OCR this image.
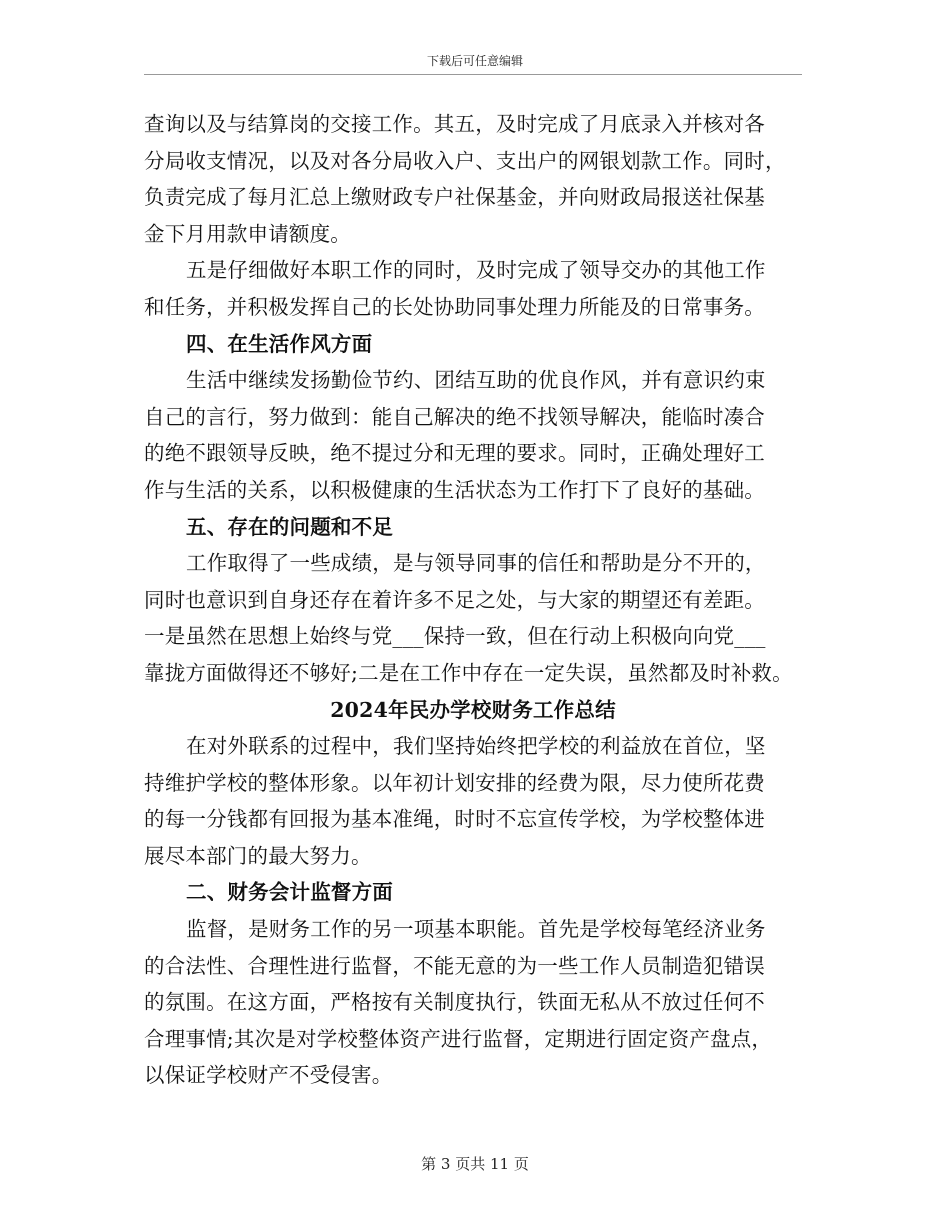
下载后可任意编辑
查询以及与结算岗的交接工作。其五，及时完成了月底录入并核对各
分局收支情况，以及对各分局收入户、支出户的网银划款工作。同时，
负责完成了每月汇总上缴财政专户社保基金，并向财政局报送社保基
金下月用款申请额度。
五是仔细做好本职工作的同时，及时完成了领导交办的其他工作
和任务，并积极发挥自己的长处协助同事处理力所能及的日常事务。
四、在生活作风方面
生活中继续发扬勤俭节约、团结互助的优良作风，并有意识约束
自己的言行，努力做到：能自己解决的绝不找领导解决，能临时凑合
的绝不跟领导反映，绝不提过分和无理的要求。同时，正确处理好工
作与生活的关系，以积极健康的生活状态为工作打下了良好的基础。
五、存在的问题和不足
工作取得了一些成绩，是与领导同事的信任和帮助是分不开的，
同时也意识到自身还存在着许多不足之处，与大家的期望还有差距。
一是虽然在思想上始终与党___保持一致，但在行动上积极向向党___
靠拢方面做得还不够好;二是在工作中存在一定失误，虽然都及时补救。
2024年民办学校财务工作总结
在对外联系的过程中，我们坚持始终把学校的利益放在首位，坚
持维护学校的整体形象。以年初计划安排的经费为限，尽力使所花费
的每一分钱都有回报为基本准绳，时时不忘宣传学校，为学校整体进
展尽本部门的最大努力。
二、财务会计监督方面
监督，是财务工作的另一项基本职能。首先是学校每笔经济业务
的合法性、合理性进行监督，不能无意的为一些工作人员制造犯错误
的氛围。在这方面，严格按有关制度执行，铁面无私从不放过任何不
合理事情;其次是对学校整体资产进行监督，定期进行固定资产盘点，
以保证学校财产不受侵害。
第 3 页共 11 页
